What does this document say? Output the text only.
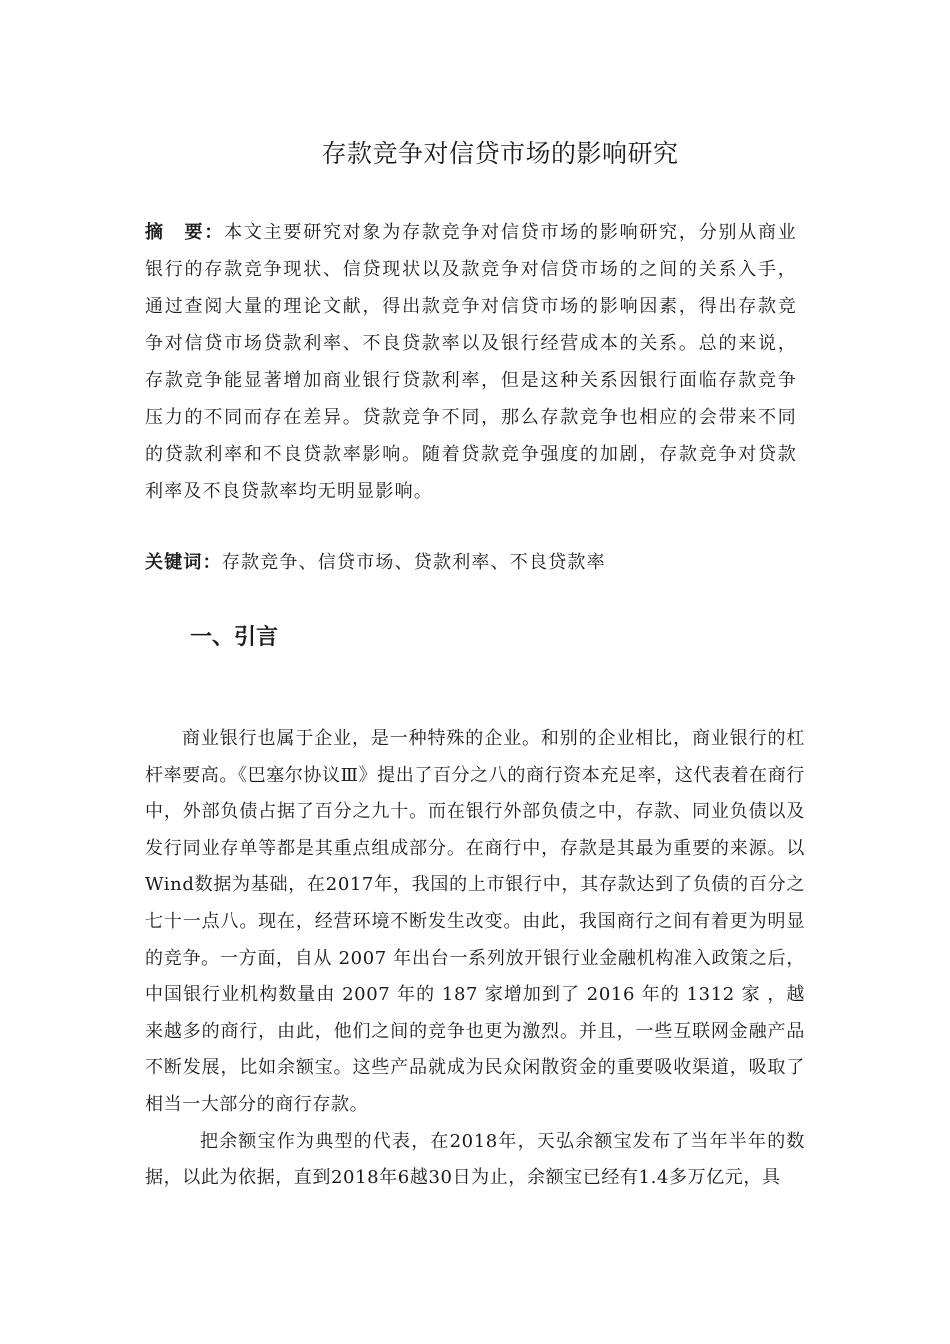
存款竞争对信贷市场的影响研究

摘　要：本文主要研究对象为存款竞争对信贷市场的影响研究，分别从商业银行的存款竞争现状、信贷现状以及款竞争对信贷市场的之间的关系入手，通过查阅大量的理论文献，得出款竞争对信贷市场的影响因素，得出存款竞争对信贷市场贷款利率、不良贷款率以及银行经营成本的关系。总的来说，存款竞争能显著增加商业银行贷款利率，但是这种关系因银行面临存款竞争压力的不同而存在差异。贷款竞争不同，那么存款竞争也相应的会带来不同的贷款利率和不良贷款率影响。随着贷款竞争强度的加剧，存款竞争对贷款利率及不良贷款率均无明显影响。

关键词：存款竞争、信贷市场、贷款利率、不良贷款率

一、引言

商业银行也属于企业，是一种特殊的企业。和别的企业相比，商业银行的杠杆率要高。《巴塞尔协议Ⅲ》提出了百分之八的商行资本充足率，这代表着在商行中，外部负债占据了百分之九十。而在银行外部负债之中，存款、同业负债以及发行同业存单等都是其重点组成部分。在商行中，存款是其最为重要的来源。以Wind数据为基础，在2017年，我国的上市银行中，其存款达到了负债的百分之七十一点八。现在，经营环境不断发生改变。由此，我国商行之间有着更为明显的竞争。一方面，自从 2007 年出台一系列放开银行业金融机构准入政策之后，中国银行业机构数量由 2007 年的 187 家增加到了 2016 年的 1312 家 ，越来越多的商行，由此，他们之间的竞争也更为激烈。并且，一些互联网金融产品不断发展，比如余额宝。这些产品就成为民众闲散资金的重要吸收渠道，吸取了相当一大部分的商行存款。

把余额宝作为典型的代表，在2018年，天弘余额宝发布了当年半年的数据，以此为依据，直到2018年6越30日为止，余额宝已经有1.4多万亿元，具
